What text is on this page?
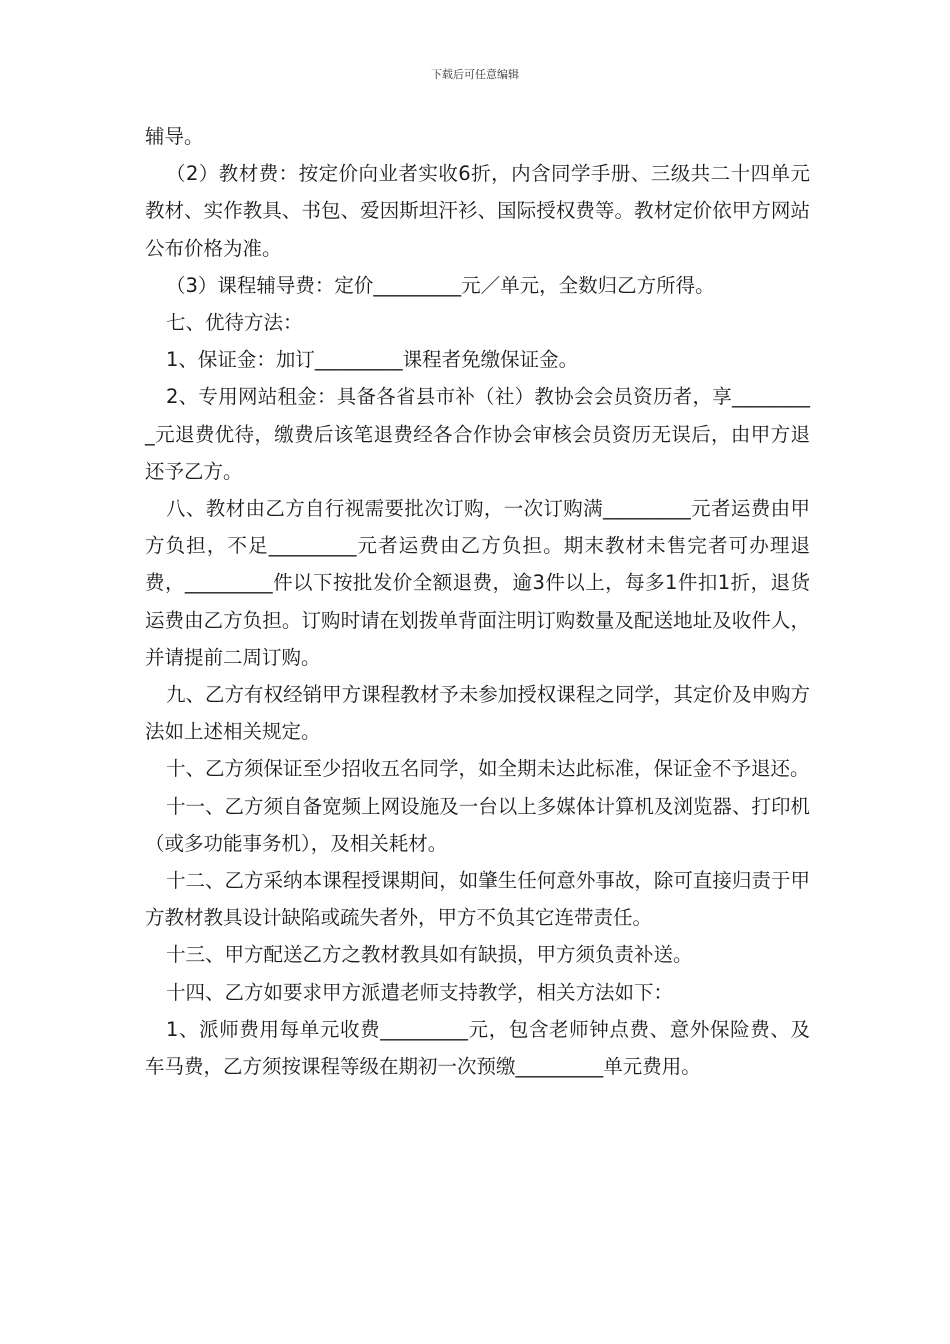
下载后可任意编辑

辅导。

（2）教材费：按定价向业者实收6折，内含同学手册、三级共二十四单元教材、实作教具、书包、爱因斯坦汗衫、国际授权费等。教材定价依甲方网站公布价格为准。

（3）课程辅导费：定价_________元／单元，全数归乙方所得。

七、优待方法：

1、保证金：加订_________课程者免缴保证金。

2、专用网站租金：具备各省县市补（社）教协会会员资历者，享_________元退费优待，缴费后该笔退费经各合作协会审核会员资历无误后，由甲方退还予乙方。

八、教材由乙方自行视需要批次订购，一次订购满_________元者运费由甲方负担，不足_________元者运费由乙方负担。期末教材未售完者可办理退费，_________件以下按批发价全额退费，逾3件以上，每多1件扣1折，退货运费由乙方负担。订购时请在划拨单背面注明订购数量及配送地址及收件人，并请提前二周订购。

九、乙方有权经销甲方课程教材予未参加授权课程之同学，其定价及申购方法如上述相关规定。

十、乙方须保证至少招收五名同学，如全期未达此标准，保证金不予退还。

十一、乙方须自备宽频上网设施及一台以上多媒体计算机及浏览器、打印机（或多功能事务机），及相关耗材。

十二、乙方采纳本课程授课期间，如肇生任何意外事故，除可直接归责于甲方教材教具设计缺陷或疏失者外，甲方不负其它连带责任。

十三、甲方配送乙方之教材教具如有缺损，甲方须负责补送。

十四、乙方如要求甲方派遣老师支持教学，相关方法如下：

1、派师费用每单元收费_________元，包含老师钟点费、意外保险费、及车马费，乙方须按课程等级在期初一次预缴_________单元费用。
